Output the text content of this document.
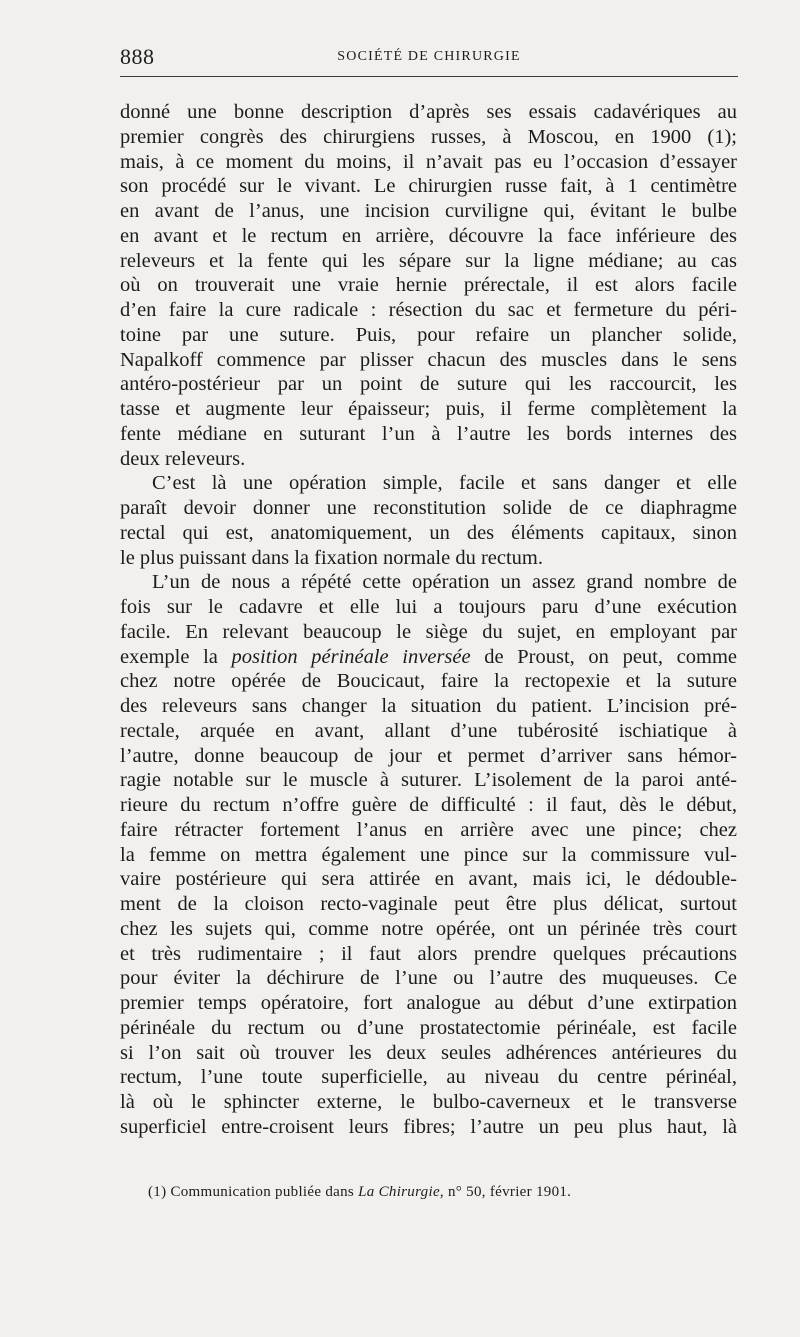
888	SOCIÉTÉ DE CHIRURGIE
donné une bonne description d’après ses essais cadavériques au
premier congrès des chirurgiens russes, à Moscou, en 1900 (1);
mais, à ce moment du moins, il n’avait pas eu l’occasion d’essayer
son procédé sur le vivant. Le chirurgien russe fait, à 1 centimètre
en avant de l’anus, une incision curviligne qui, évitant le bulbe
en avant et le rectum en arrière, découvre la face inférieure des
releveurs et la fente qui les sépare sur la ligne médiane; au cas
où on trouverait une vraie hernie prérectale, il est alors facile
d’en faire la cure radicale : résection du sac et fermeture du péri-
toine par une suture. Puis, pour refaire un plancher solide,
Napalkoff commence par plisser chacun des muscles dans le sens
antéro-postérieur par un point de suture qui les raccourcit, les
tasse et augmente leur épaisseur; puis, il ferme complètement la
fente médiane en suturant l’un à l’autre les bords internes des
deux releveurs.
C’est là une opération simple, facile et sans danger et elle
paraît devoir donner une reconstitution solide de ce diaphragme
rectal qui est, anatomiquement, un des éléments capitaux, sinon
le plus puissant dans la fixation normale du rectum.
L’un de nous a répété cette opération un assez grand nombre de
fois sur le cadavre et elle lui a toujours paru d’une exécution
facile. En relevant beaucoup le siège du sujet, en employant par
exemple la position périnéale inversée de Proust, on peut, comme
chez notre opérée de Boucicaut, faire la rectopexie et la suture
des releveurs sans changer la situation du patient. L’incision pré-
rectale, arquée en avant, allant d’une tubérosité ischiatique à
l’autre, donne beaucoup de jour et permet d’arriver sans hémor-
ragie notable sur le muscle à suturer. L’isolement de la paroi anté-
rieure du rectum n’offre guère de difficulté : il faut, dès le début,
faire rétracter fortement l’anus en arrière avec une pince; chez
la femme on mettra également une pince sur la commissure vul-
vaire postérieure qui sera attirée en avant, mais ici, le dédouble-
ment de la cloison recto-vaginale peut être plus délicat, surtout
chez les sujets qui, comme notre opérée, ont un périnée très court
et très rudimentaire ; il faut alors prendre quelques précautions
pour éviter la déchirure de l’une ou l’autre des muqueuses. Ce
premier temps opératoire, fort analogue au début d’une extirpation
périnéale du rectum ou d’une prostatectomie périnéale, est facile
si l’on sait où trouver les deux seules adhérences antérieures du
rectum, l’une toute superficielle, au niveau du centre périnéal,
là où le sphincter externe, le bulbo-caverneux et le transverse
superficiel entre-croisent leurs fibres; l’autre un peu plus haut, là
(1) Communication publiée dans La Chirurgie, n° 50, février 1901.
